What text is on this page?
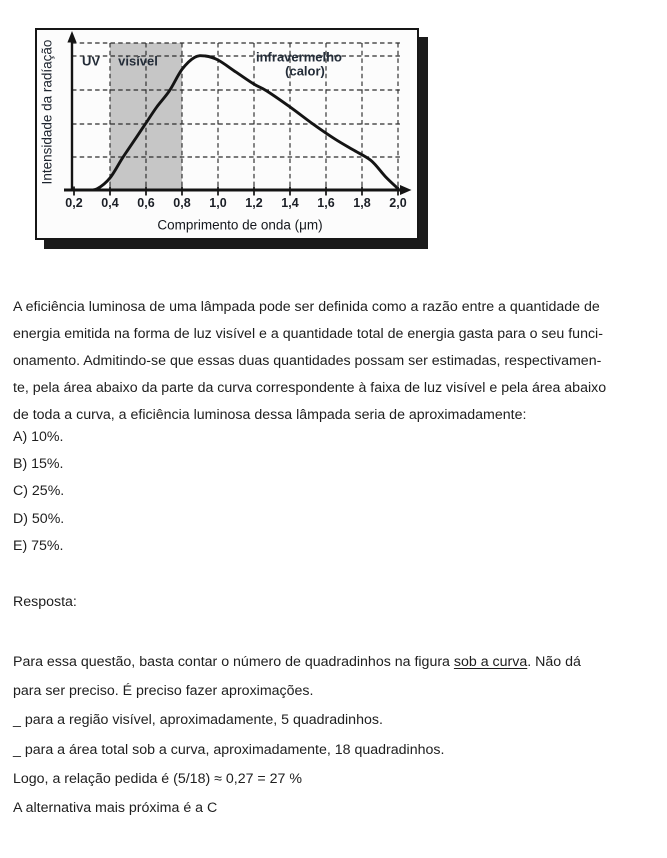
Intensidade da radíação UV visível	infravermelho
(calor)
0,2 0,4 0,6 0,8 1,0 1,2 1,4 1,6 1,8 2,0
Comprimento de onda (μm)
A eficiência luminosa de uma lâmpada pode ser definida como a razão entre a quantidade de
energia emitida na forma de luz visível e a quantidade total de energia gasta para o seu funci-
onamento. Admitindo-se que essas duas quantidades possam ser estimadas, respectivamen-
te, pela área abaixo da parte da curva correspondente à faixa de luz visível e pela área abaixo
de toda a curva, a eficiência luminosa dessa lâmpada seria de aproximadamente:
A) 10%.
B) 15%.
C) 25%.
D) 50%.
E) 75%.
Resposta:
Para essa questão, basta contar o número de quadradinhos na figura sob a curva. Não dá
para ser preciso. É preciso fazer aproximações.
_ para a região visível, aproximadamente, 5 quadradinhos.
_ para a área total sob a curva, aproximadamente, 18 quadradinhos.
Logo, a relação pedida é (5/18) ≈ 0,27 = 27 %
A alternativa mais próxima é a C
